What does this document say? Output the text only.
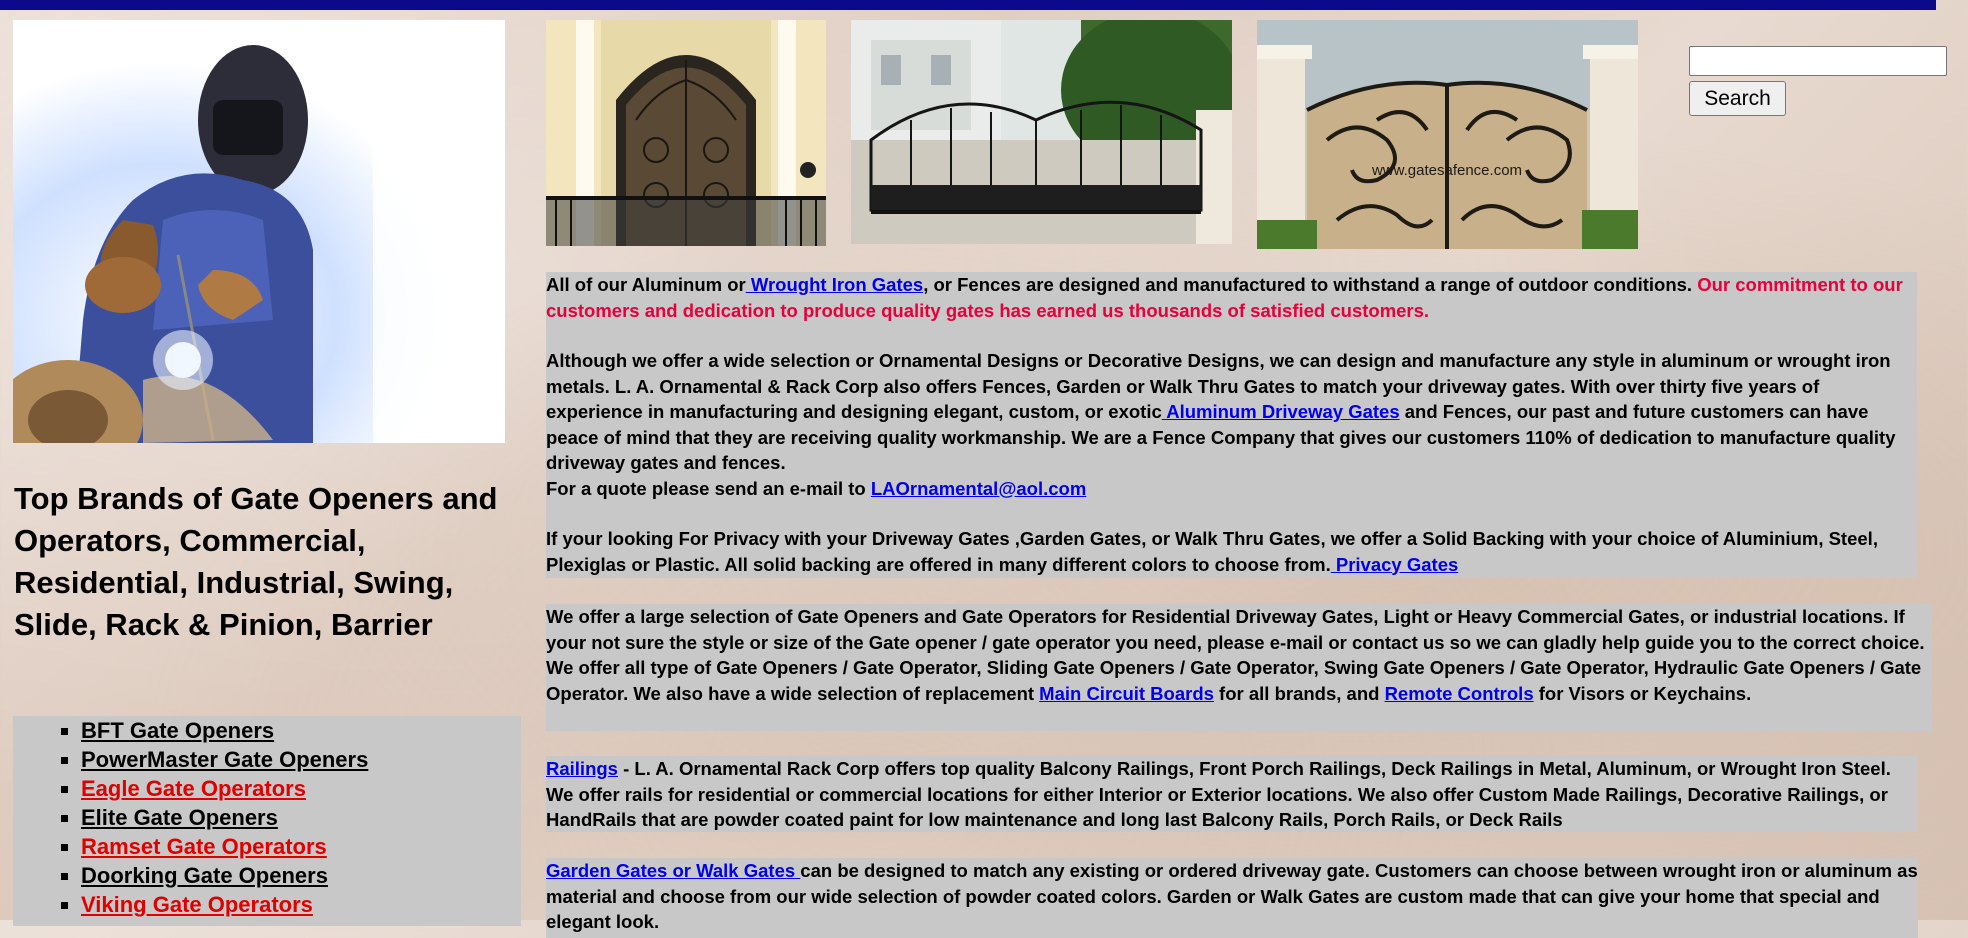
Top Brands of Gate Openers and Operators, Commercial, Residential, Industrial, Swing, Slide, Rack & Pinion, Barrier
▪ BFT Gate Openers
▪ PowerMaster Gate Openers
▪ Eagle Gate Operators
▪ Elite Gate Openers
▪ Ramset Gate Operators
▪ Doorking Gate Openers
▪ Viking Gate Operators
www.gatesafence.com
Search

All of our Aluminum or Wrought Iron Gates, or Fences are designed and manufactured to withstand a range of outdoor conditions. Our commitment to our customers and dedication to produce quality gates has earned us thousands of satisfied customers.

Although we offer a wide selection or Ornamental Designs or Decorative Designs, we can design and manufacture any style in aluminum or wrought iron metals. L. A. Ornamental & Rack Corp also offers Fences, Garden or Walk Thru Gates to match your driveway gates. With over thirty five years of experience in manufacturing and designing elegant, custom, or exotic Aluminum Driveway Gates and Fences, our past and future customers can have peace of mind that they are receiving quality workmanship. We are a Fence Company that gives our customers 110% of dedication to manufacture quality driveway gates and fences.

For a quote please send an e-mail to LAOrnamental@aol.com

If your looking For Privacy with your Driveway Gates ,Garden Gates, or Walk Thru Gates, we offer a Solid Backing with your choice of Aluminium, Steel, Plexiglas or Plastic. All solid backing are offered in many different colors to choose from. Privacy Gates

We offer a large selection of Gate Openers and Gate Operators for Residential Driveway Gates, Light or Heavy Commercial Gates, or industrial locations. If your not sure the style or size of the Gate opener / gate operator you need, please e-mail or contact us so we can gladly help guide you to the correct choice. We offer all type of Gate Openers / Gate Operator, Sliding Gate Openers / Gate Operator, Swing Gate Openers / Gate Operator, Hydraulic Gate Openers / Gate Operator. We also have a wide selection of replacement Main Circuit Boards for all brands, and Remote Controls for Visors or Keychains.

Railings - L. A. Ornamental Rack Corp offers top quality Balcony Railings, Front Porch Railings, Deck Railings in Metal, Aluminum, or Wrought Iron Steel. We offer rails for residential or commercial locations for either Interior or Exterior locations. We also offer Custom Made Railings, Decorative Railings, or HandRails that are powder coated paint for low maintenance and long last Balcony Rails, Porch Rails, or Deck Rails

Garden Gates or Walk Gates can be designed to match any existing or ordered driveway gate. Customers can choose between wrought iron or aluminum as material and choose from our wide selection of powder coated colors. Garden or Walk Gates are custom made that can give your home that special and elegant look.
